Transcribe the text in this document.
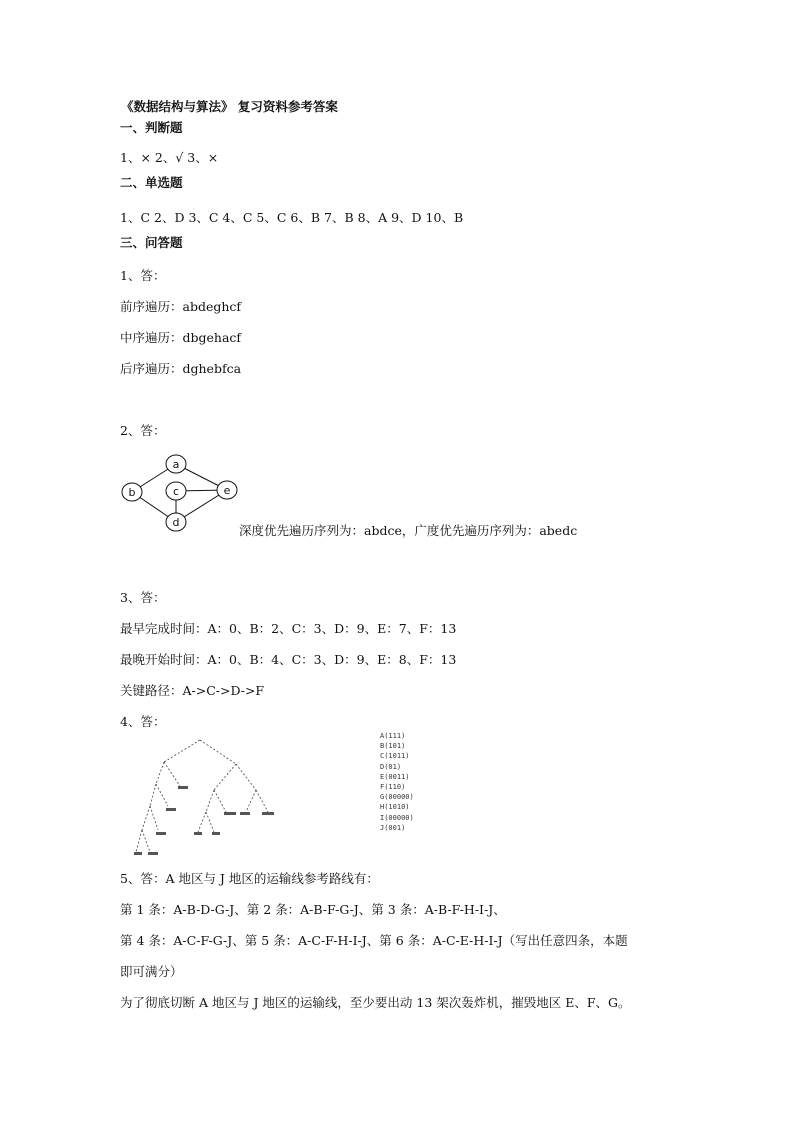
《数据结构与算法》 复习资料参考答案
一、判断题
1、× 2、√ 3、×
二、单选题
1、C 2、D 3、C 4、C 5、C 6、B 7、B 8、A 9、D 10、B
三、问答题
1、答：
前序遍历：abdeghcf
中序遍历：dbgehacf
后序遍历：dghebfca
2、答：
a
b	c
d
e
深度优先遍历序列为：abdce，广度优先遍历序列为：abedc
3、答：
最早完成时间：A：0、B：2、C：3、D：9、E：7、F：13
最晚开始时间：A：0、B：4、C：3、D：9、E：8、F：13
关键路径：A->C->D->F
4、答：
A(111)
B(101)
C(1011)
D(01)
E(0011)
F(110)
G(00000)
H(1010)
I(00000)
J(001)
5、答：A 地区与 J 地区的运输线参考路线有：
第 1 条：A-B-D-G-J、第 2 条：A-B-F-G-J、第 3 条：A-B-F-H-I-J、
第 4 条：A-C-F-G-J、第 5 条：A-C-F-H-I-J、第 6 条：A-C-E-H-I-J（写出任意四条，本题
即可满分）
为了彻底切断 A 地区与 J 地区的运输线，至少要出动 13 架次轰炸机，摧毁地区 E、F、G。
